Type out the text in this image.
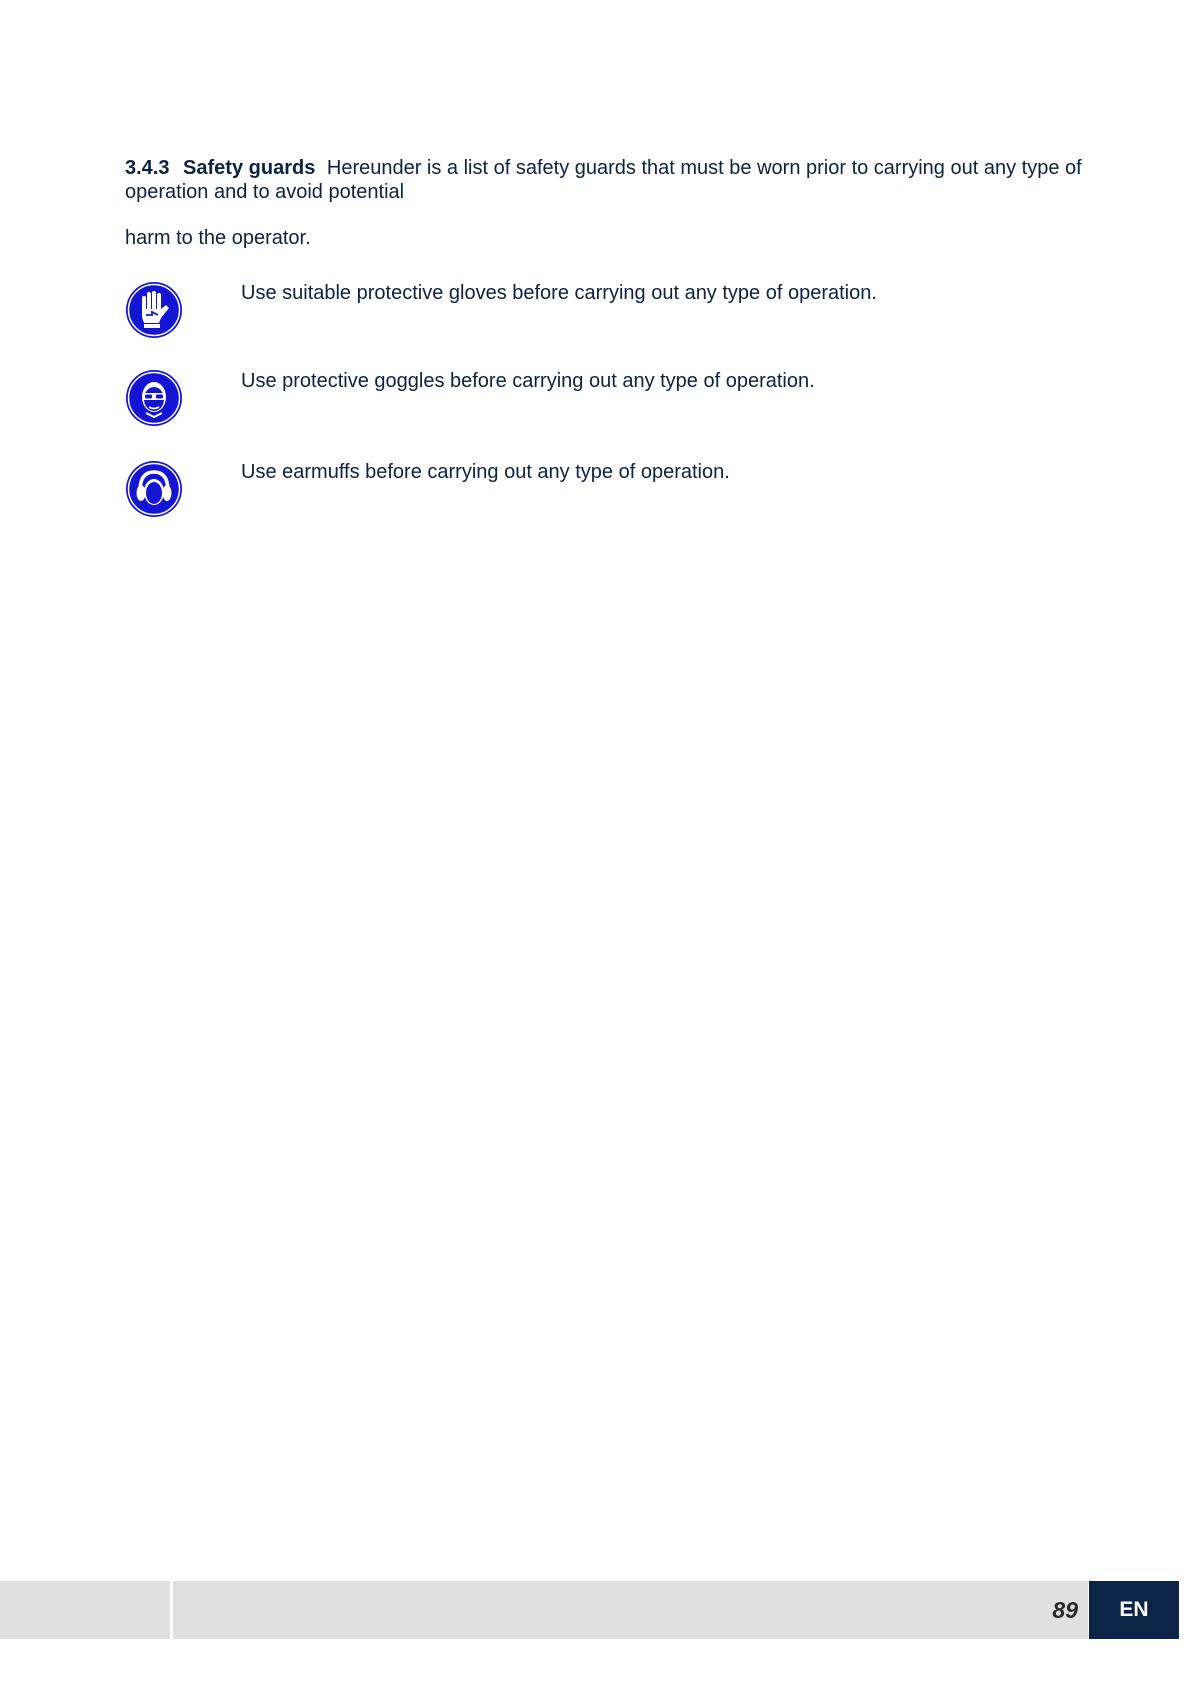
3.4.3 Safety guards Hereunder is a list of safety guards that must be worn prior to carrying out any type of operation and to avoid potential

harm to the operator.

Use suitable protective gloves before carrying out any type of operation.
Use protective goggles before carrying out any type of operation.
Use earmuffs before carrying out any type of operation.
89	EN
